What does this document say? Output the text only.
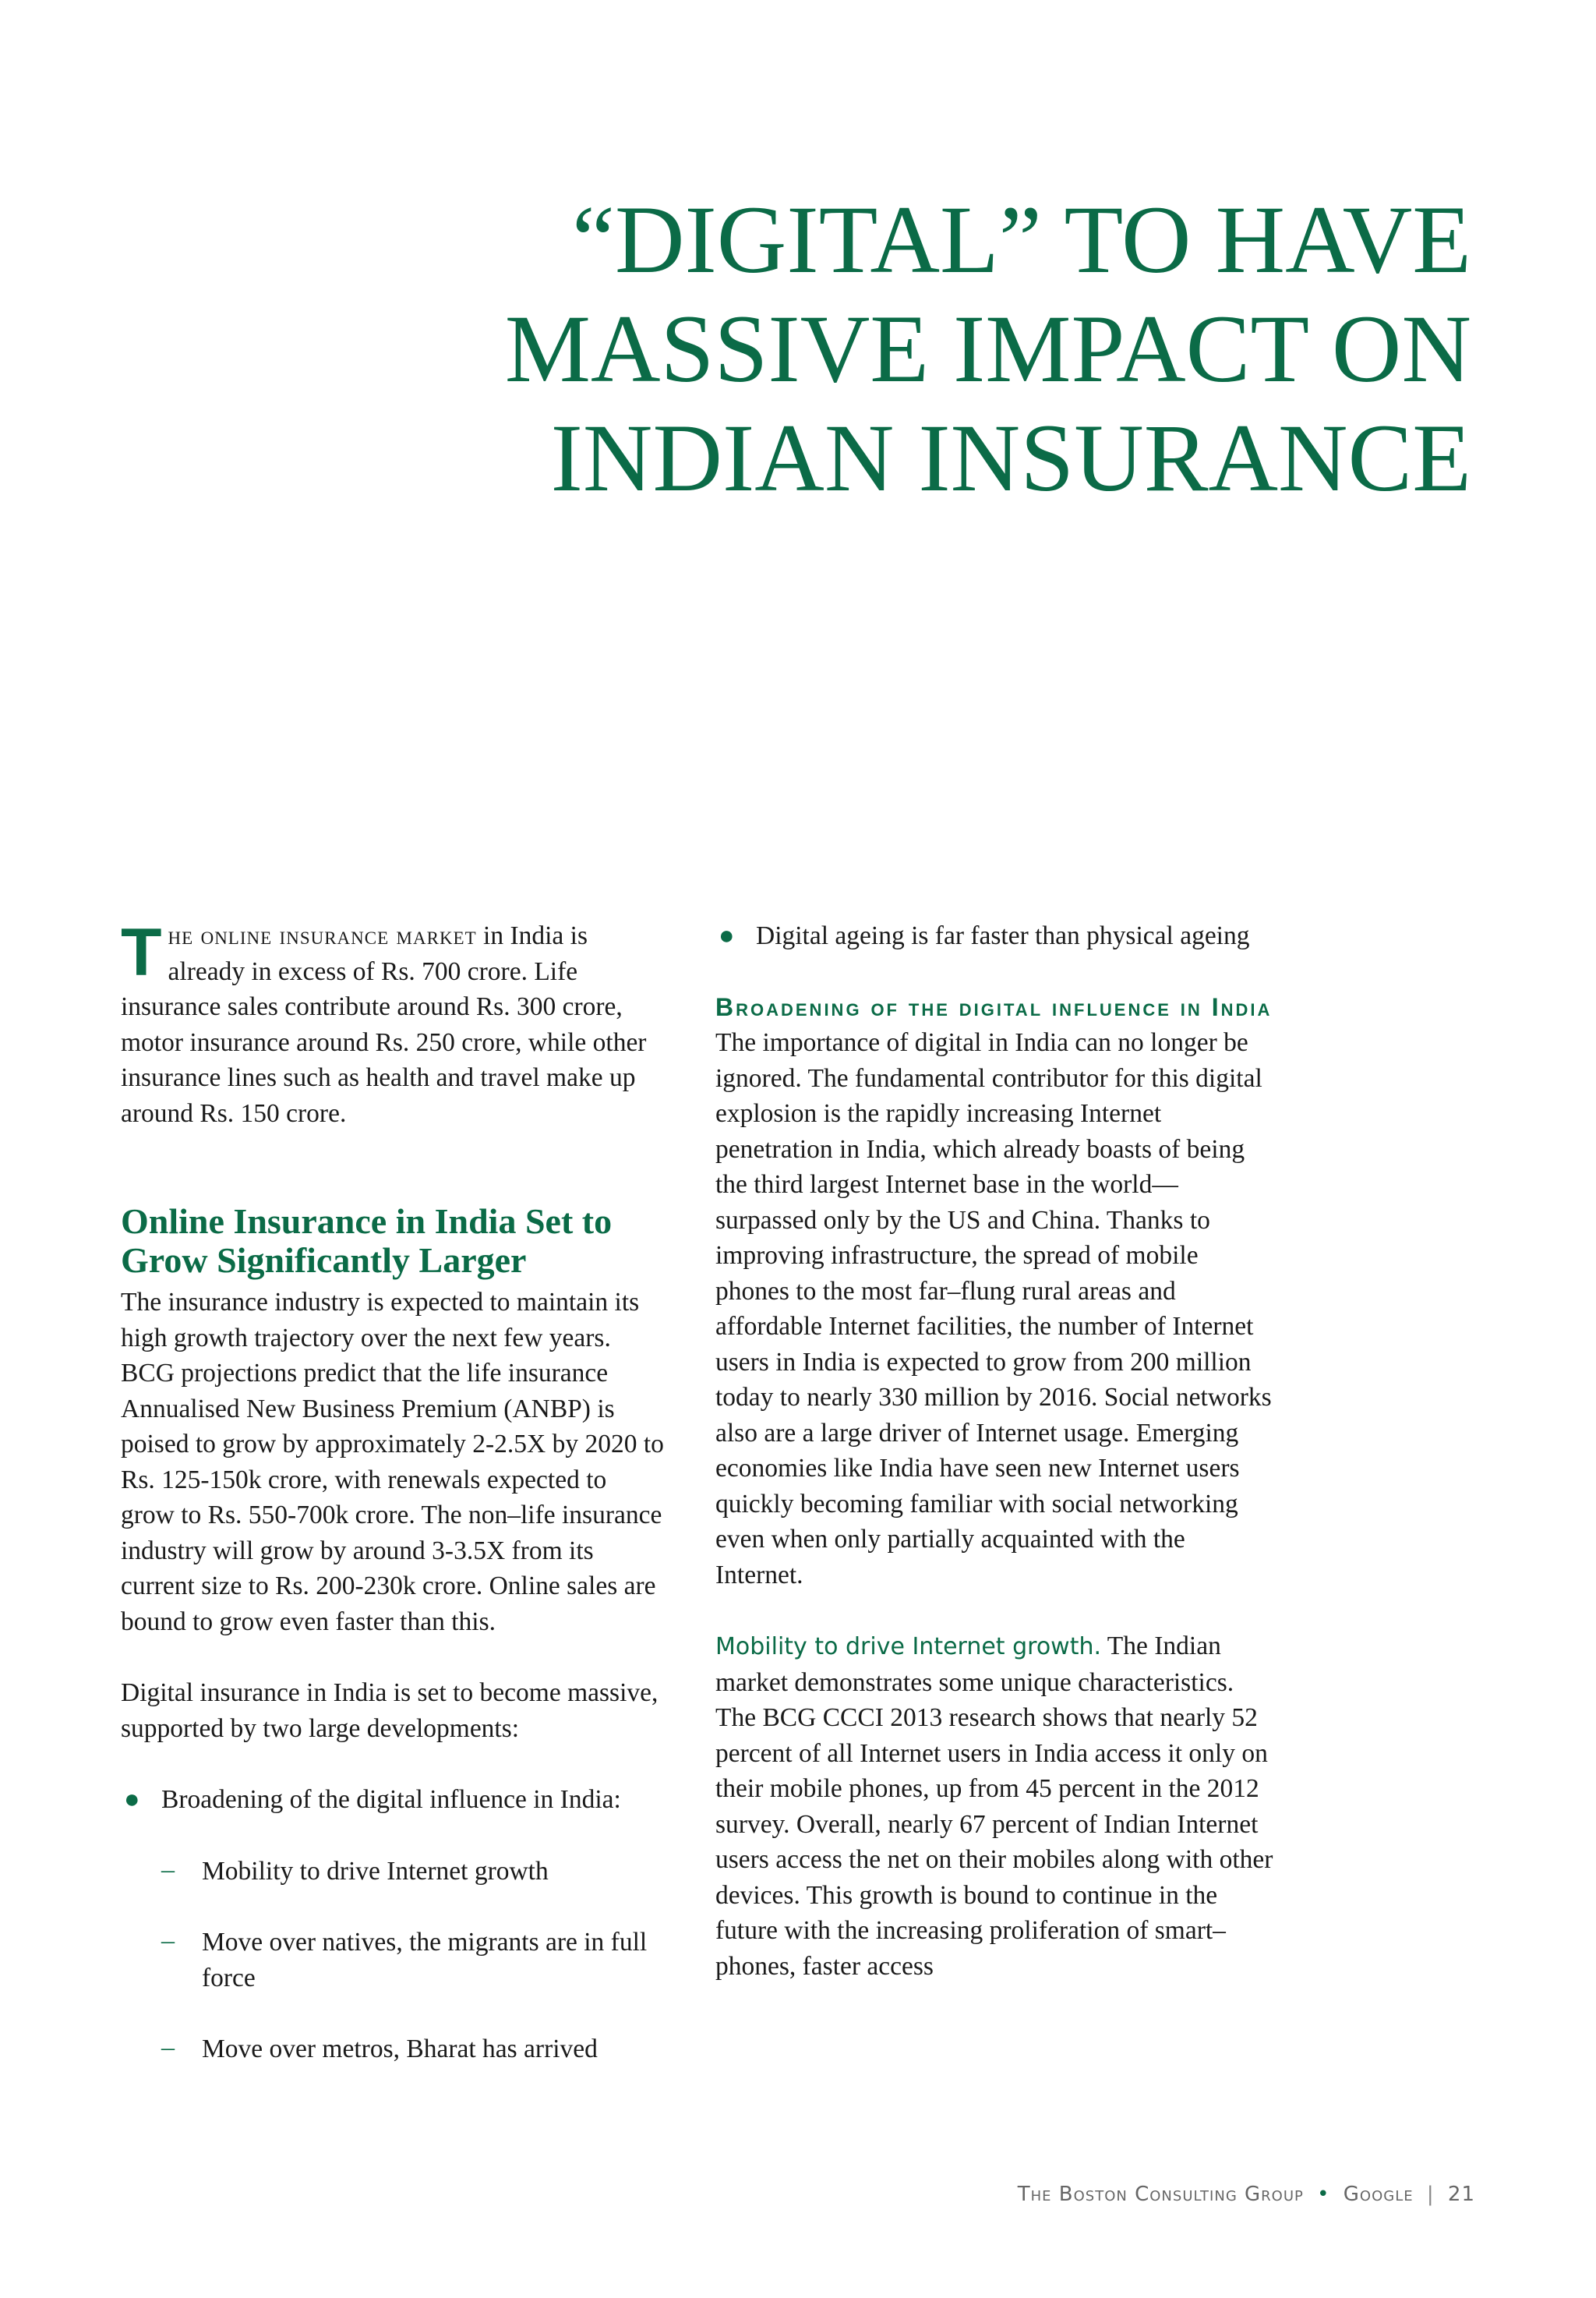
“DIGITAL” TO HAVE
MASSIVE IMPACT ON
INDIAN INSURANCE

The online insurance market in India is already in excess of Rs. 700 crore. Life insurance sales contribute around Rs. 300 crore, motor insurance around Rs. 250 crore, while other insurance lines such as health and travel make up around Rs. 150 crore.

Online Insurance in India Set to Grow Significantly Larger

The insurance industry is expected to maintain its high growth trajectory over the next few years. BCG projections predict that the life insurance Annualised New Business Premium (ANBP) is poised to grow by approximately 2-2.5X by 2020 to Rs. 125-150k crore, with renewals expected to grow to Rs. 550-700k crore. The non–life insurance industry will grow by around 3-3.5X from its current size to Rs. 200-230k crore. Online sales are bound to grow even faster than this.

Digital insurance in India is set to become massive, supported by two large developments:

● Broadening of the digital influence in India:
– Mobility to drive Internet growth
– Move over natives, the migrants are in full force
– Move over metros, Bharat has arrived
● Digital ageing is far faster than physical ageing
Broadening of the digital influence in India

The importance of digital in India can no longer be ignored. The fundamental contributor for this digital explosion is the rapidly increasing Internet penetration in India, which already boasts of being the third largest Internet base in the world—surpassed only by the US and China. Thanks to improving infrastructure, the spread of mobile phones to the most far–flung rural areas and affordable Internet facilities, the number of Internet users in India is expected to grow from 200 million today to nearly 330 million by 2016. Social networks also are a large driver of Internet usage. Emerging economies like India have seen new Internet users quickly becoming familiar with social networking even when only partially acquainted with the Internet.

Mobility to drive Internet growth. The Indian market demonstrates some unique characteristics. The BCG CCCI 2013 research shows that nearly 52 percent of all Internet users in India access it only on their mobile phones, up from 45 percent in the 2012 survey. Overall, nearly 67 percent of Indian Internet users access the net on their mobiles along with other devices. This growth is bound to continue in the future with the increasing proliferation of smart–phones, faster access

The Boston Consulting Group • Google | 21
